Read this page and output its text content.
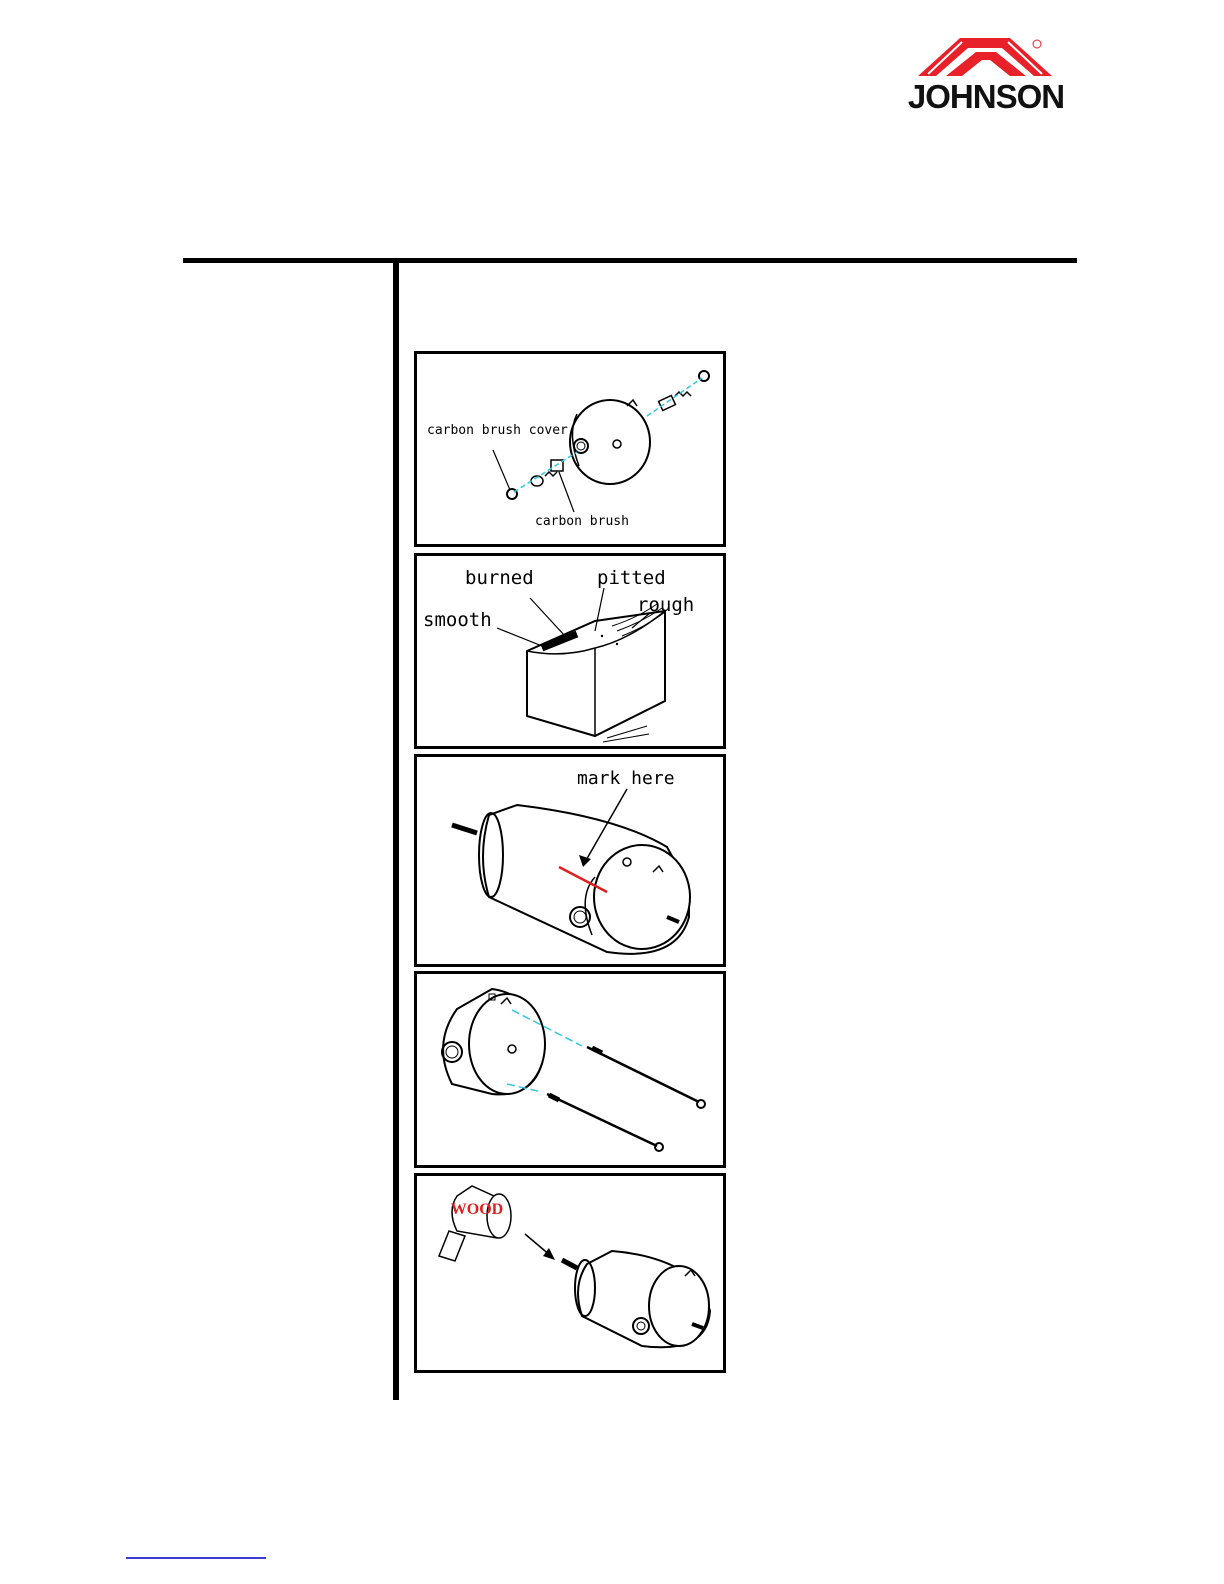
JOHNSON
carbon brush cover
carbon brush
burned	pitted
rough
smooth
mark here
WOOD
